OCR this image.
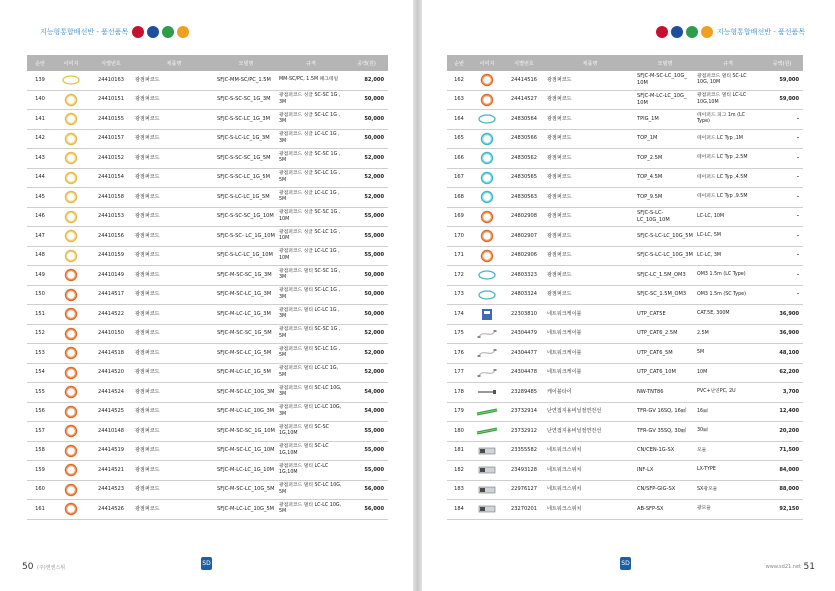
지능형통합배선반 - 품선품목
순번	이미지	식별번호	제품명	모델명	규격	공액(원)
139		24410163	광점퍼코드	SFJC-MM-SC/PC_1.5M	MM-SC/PC, 1.5M 패그테일	82,000
140		24410151	광점퍼코드	SFJC-S-SC-SC_1G_3M	광점퍼코드 싱글 SC-SC 1G , 3M	50,000
141		24410155	광점퍼코드	SFJC-S-SC-LC_1G_3M	광점퍼코드 싱글 SC-LC 1G , 3M	50,000
142		24410157	광점퍼코드	SFJC-S-LC-LC_1G_3M	광점퍼코드 싱글 LC-LC 1G , 3M	50,000
143		24410152	광점퍼코드	SFJC-S-SC-SC_1G_5M	광점퍼코드 싱글 SC-SC 1G , 5M	52,000
144		24410154	광점퍼코드	SFJC-S-SC-LC_1G_5M	광점퍼코드 싱글 SC-LC 1G , 5M	52,000
145		24410158	광점퍼코드	SFJC-S-LC-LC_1G_5M	광점퍼코드 싱글 LC-LC 1G , 5M	52,000
146		24410153	광점퍼코드	SFJC-S-SC-SC_1G_10M	광점퍼코드 싱글 SC-SC 1G , 10M	55,000
147		24410156	광점퍼코드	SFJC-S-SC- LC_1G_10M	광점퍼코드 싱글 SC-LC 1G , 10M	55,000
148		24410159	광점퍼코드	SFJC-S-LC-LC_1G_10M	광점퍼코드 싱글 LC-LC 1G , 10M	55,000
149		24410149	광점퍼코드	SFJC-M-SC-SC_1G_3M	광점퍼코드 멀티 SC-SC 1G , 3M	50,000
150		24414517	광점퍼코드	SFJC-M-SC-LC_1G_3M	광점퍼코드 멀티 SC-LC 1G , 3M	50,000
151		24414522	광점퍼코드	SFJC-M-LC-LC_1G_3M	광점퍼코드 멀티 LC-LC 1G , 3M	50,000
152		24410150	광점퍼코드	SFJC-M-SC-SC_1G_5M	광점퍼코드 멀티 SC-SC 1G , 5M	52,000
153		24414518	광점퍼코드	SFJC-M-SC-LC_1G_5M	광점퍼코드 멀티 SC-LC 1G , 5M	52,000
154		24414520	광점퍼코드	SFJC-M-LC-LC_1G_5M	광점퍼코드 멀티 LC-LC 1G, 5M	52,000
155		24414524	광점퍼코드	SFJC-M-SC-LC_10G_3M	광점퍼코드 멀티 SC-LC 10G, 3M	54,000
156		24414525	광점퍼코드	SFJC-M-LC-LC_10G_3M	광점퍼코드 멀티 LC-LC 10G, 3M	54,000
157		24410148	광점퍼코드	SFJC-M-SC-SC_1G_10M	광점퍼코드 멀티 SC-SC 1G,10M	55,000
158		24414519	광점퍼코드	SFJC-M-SC-LC_1G_10M	광점퍼코드 멀티 SC-LC 1G,10M	55,000
159		24414521	광점퍼코드	SFJC-M-LC-LC_1G_10M	광점퍼코드 멀티 LC-LC 1G,10M	55,000
160		24414523	광점퍼코드	SFJC-M-SC-LC_10G_5M	광점퍼코드 멀티 SC-LC 10G, 5M	56,000
161		24414526	광점퍼코드	SFJC-M-LC-LC_10G_5M	광점퍼코드 멀티 LC-LC 10G, 5M	56,000
50 (주)엔엔스위
SD
지능형통합배선반 - 품선품목
순번	이미지	식별번호	제품명	모델명	규격	공액(원)
162		24414516	광점퍼코드	SFJC-M-SC-LC_10G_ 10M	광점퍼코드 멀티 SC-LC 10G, 10M	59,000
163		24414527	광점퍼코드	SFJC-M-LC-LC_10G_ 10M	광점퍼코드 멀티 LC-LC 10G,10M	59,000
164		24830564	광점퍼코드	TPIG_1M	테이퍼드 피그 1m (LC Type)	-
165		24830566	광점퍼코드	TOP_1M	테이퍼드 LC Typ ,1M	-
166		24830562	광점퍼코드	TOP_2.5M	테이퍼드 LC Typ ,2.5M	-
167		24830565	광점퍼코드	TOP_4.5M	테이퍼드 LC Typ ,4.5M	-
168		24830563	광점퍼코드	TOP_9.5M	테이퍼드 LC Typ ,9.5M	-
169		24802908	광점퍼코드	SFJC-S-LC-LC_10G_10M	LC-LC, 10M	-
170		24802907	광점퍼코드	SFJC-S-LC-LC_10G_5M	LC-LC, 5M	-
171		24802906	광점퍼코드	SFJC-S-LC-LC_10G_3M	LC-LC, 3M	-
172		24803323	광점퍼코드	SFJC-LC_1.5M_OM3	OM3 1.5m (LC Type)	-
173		24803324	광점퍼코드	SFJC-SC_1.5M_OM3	OM3 1.5m (SC Type)	-
174		22303810	네트워크케이블	UTP_CAT5E	CAT.5E, 300M	36,900
175		24304479	네트워크케이블	UTP_CAT6_2.5M	2.5M	36,900
176		24304477	네트워크케이블	UTP_CAT6_5M	5M	48,100
177		24304478	네트워크케이블	UTP_CAT6_10M	10M	62,200
178		23289485	케이블타이	NW-TNT86	PVC+난연PC, 2U	3,700
179		23732914	난연접지용비닐절연전선	TFR-GV 16SQ, 16㎟	16㎟	12,400
180		23732912	난연접지용비닐절연전선	TFR-GV 35SQ, 30㎟	30㎟	20,200
181		23355582	네트워크스위치	CN/CEN-1G-SX	모듈	71,500
182		23493128	네트워크스위치	INF-LX	LX-TYPE	84,000
183		22976127	네트워크스위치	CN/SFP-GIG-SX	SX광모듈	88,000
184		23270201	네트워크스위치	AB-SFP-SX	광모듈	92,150
SD	www.sd21.net 51
